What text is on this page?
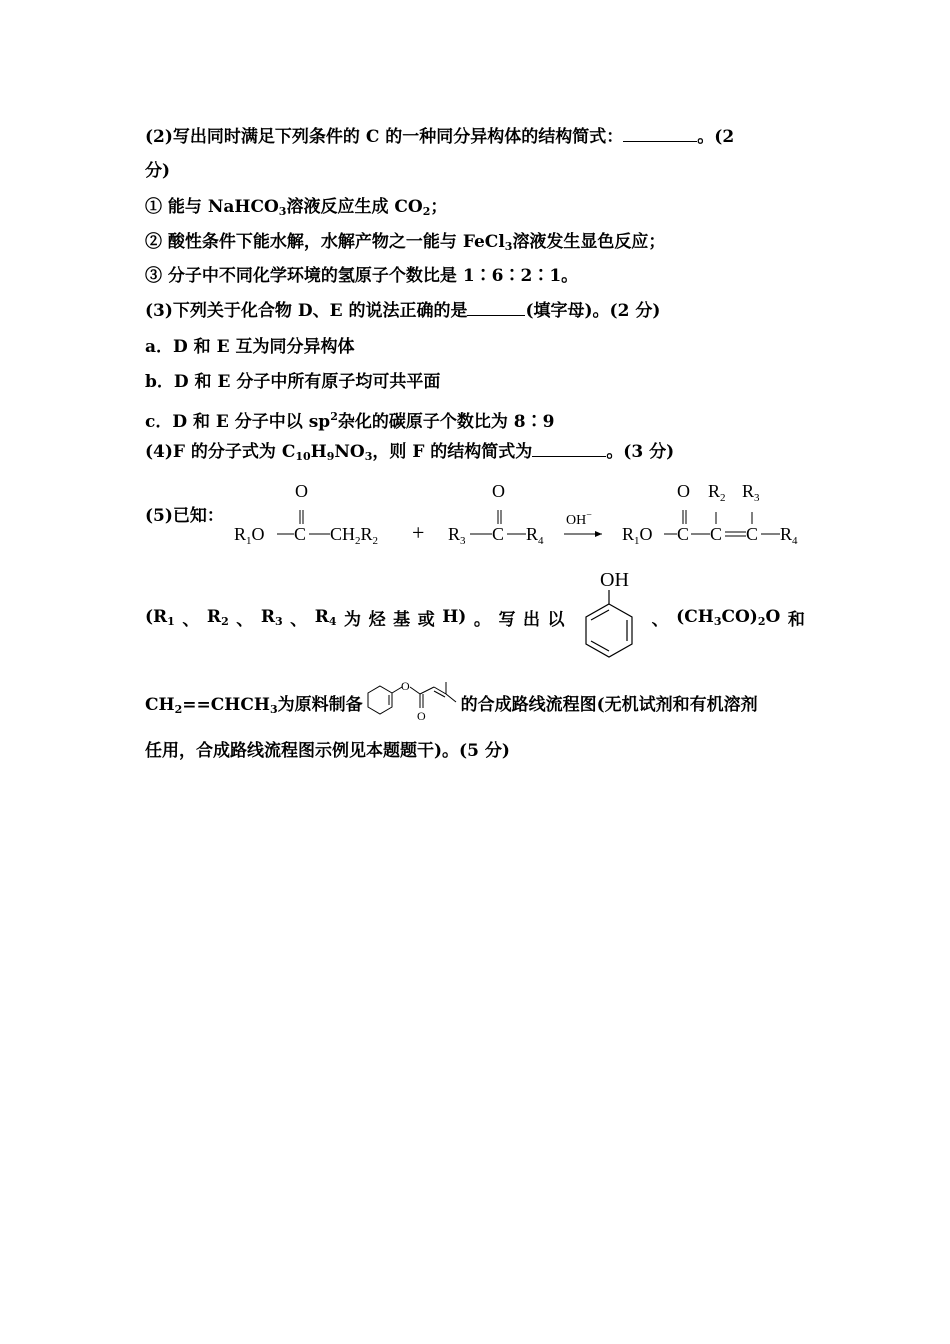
(2)写出同时满足下列条件的 C 的一种同分异构体的结构简式：	。(2
分)
① 能与 NaHCO$_3$溶液反应生成 $CO_2$；
② 酸性条件下能水解，水解产物之一能与 FeCl$_3$溶液发生显色反应；
③ 分子中不同化学环境的氢原子个数比是 1∶6∶2∶1。
(3)下列关于化合物 D、E 的说法正确的是	(填字母)。(2 分)
a．D 和 E 互为同分异构体
b．D 和 E 分子中所有原子均可共平面
c．D 和 E 分子中以 $sp^2$杂化的碳原子个数比为 8∶9
(4)F 的分子式为 $C_{10}H_9NO_3$，则 F 的结构简式为	。(3 分)
(5)已知：
$R_1O$ C
O
$CH_2R_2 + R_3$ C
O
$R_4$
OH−
$R_1O$ C
O
C
$R_2$
C
$R_3$
$R_4$
($R_1$ 、 $R_2$ 、 $R_3$ 、 $R_4$ 为 烃 基 或 H) 。 写 出 以	、 $(CH_3CO)_2O$ 和
OH
$CH_2==CHCH_3$为原料制备	的合成路线流程图(无机试剂和有机溶剂
O
O
任用，合成路线流程图示例见本题题干)。(5 分)
